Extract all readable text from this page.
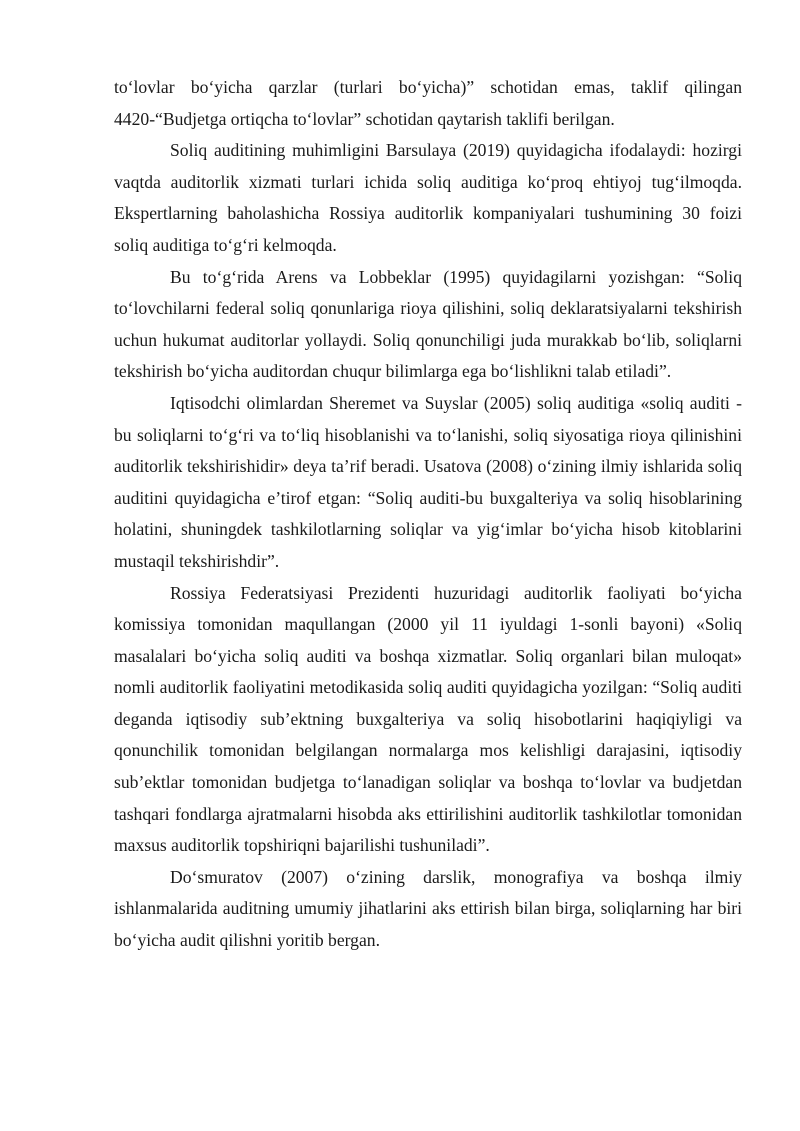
to‘lovlar bo‘yicha qarzlar (turlari bo‘yicha)” schotidan emas, taklif qilingan 4420-“Budjetga ortiqcha to‘lovlar” schotidan qaytarish taklifi berilgan.

Soliq auditining muhimligini Barsulaya (2019) quyidagicha ifodalaydi: hozirgi vaqtda auditorlik xizmati turlari ichida soliq auditiga ko‘proq ehtiyoj tug‘ilmoqda. Ekspertlarning baholashicha Rossiya auditorlik kompaniyalari tushumining 30 foizi soliq auditiga to‘g‘ri kelmoqda.

Bu to‘g‘rida Arens va Lobbeklar (1995) quyidagilarni yozishgan: “Soliq to‘lovchilarni federal soliq qonunlariga rioya qilishini, soliq deklaratsiyalarni tekshirish uchun hukumat auditorlar yollaydi. Soliq qonunchiligi juda murakkab bo‘lib, soliqlarni tekshirish bo‘yicha auditordan chuqur bilimlarga ega bo‘lishlikni talab etiladi”.

Iqtisodchi olimlardan Sheremet va Suyslar (2005) soliq auditiga «soliq auditi - bu soliqlarni to‘g‘ri va to‘liq hisoblanishi va to‘lanishi, soliq siyosatiga rioya qilinishini auditorlik tekshirishidir» deya ta’rif beradi. Usatova (2008) o‘zining ilmiy ishlarida soliq auditini quyidagicha e’tirof etgan: “Soliq auditi-bu buxgalteriya va soliq hisoblarining holatini, shuningdek tashkilotlarning soliqlar va yig‘imlar bo‘yicha hisob kitoblarini mustaqil tekshirishdir”.

Rossiya Federatsiyasi Prezidenti huzuridagi auditorlik faoliyati bo‘yicha komissiya tomonidan maqullangan (2000 yil 11 iyuldagi 1-sonli bayoni) «Soliq masalalari bo‘yicha soliq auditi va boshqa xizmatlar. Soliq organlari bilan muloqat» nomli auditorlik faoliyatini metodikasida soliq auditi quyidagicha yozilgan: “Soliq auditi deganda iqtisodiy sub’ektning buxgalteriya va soliq hisobotlarini haqiqiyligi va qonunchilik tomonidan belgilangan normalarga mos kelishligi darajasini, iqtisodiy sub’ektlar tomonidan budjetga to‘lanadigan soliqlar va boshqa to‘lovlar va budjetdan tashqari fondlarga ajratmalarni hisobda aks ettirilishini auditorlik tashkilotlar tomonidan maxsus auditorlik topshiriqni bajarilishi tushuniladi”.

Do‘smuratov (2007) o‘zining darslik, monografiya va boshqa ilmiy ishlanmalarida auditning umumiy jihatlarini aks ettirish bilan birga, soliqlarning har biri bo‘yicha audit qilishni yoritib bergan.
